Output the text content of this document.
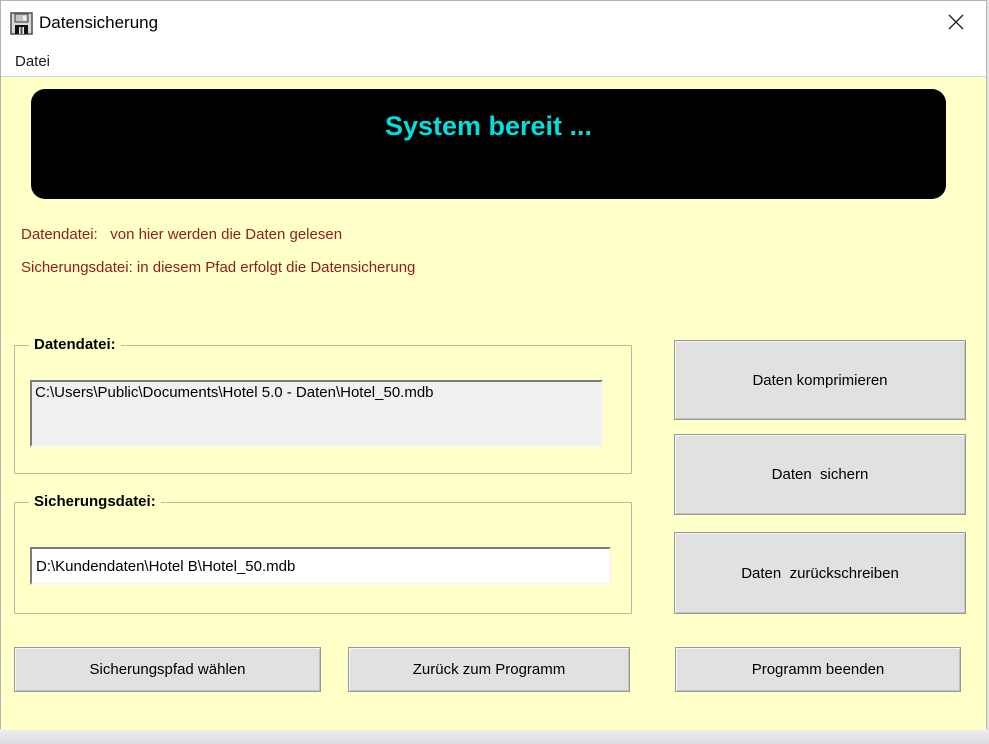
Datensicherung
Datei
System bereit ...
Datendatei:   von hier werden die Daten gelesen
Sicherungsdatei: in diesem Pfad erfolgt die Datensicherung
Datendatei:
C:\Users\Public\Documents\Hotel 5.0 - Daten\Hotel_50.mdb
Sicherungsdatei:
D:\Kundendaten\Hotel B\Hotel_50.mdb
Daten komprimieren
Daten  sichern
Daten  zurückschreiben
Sicherungspfad wählen	Zurück zum Programm	Programm beenden
